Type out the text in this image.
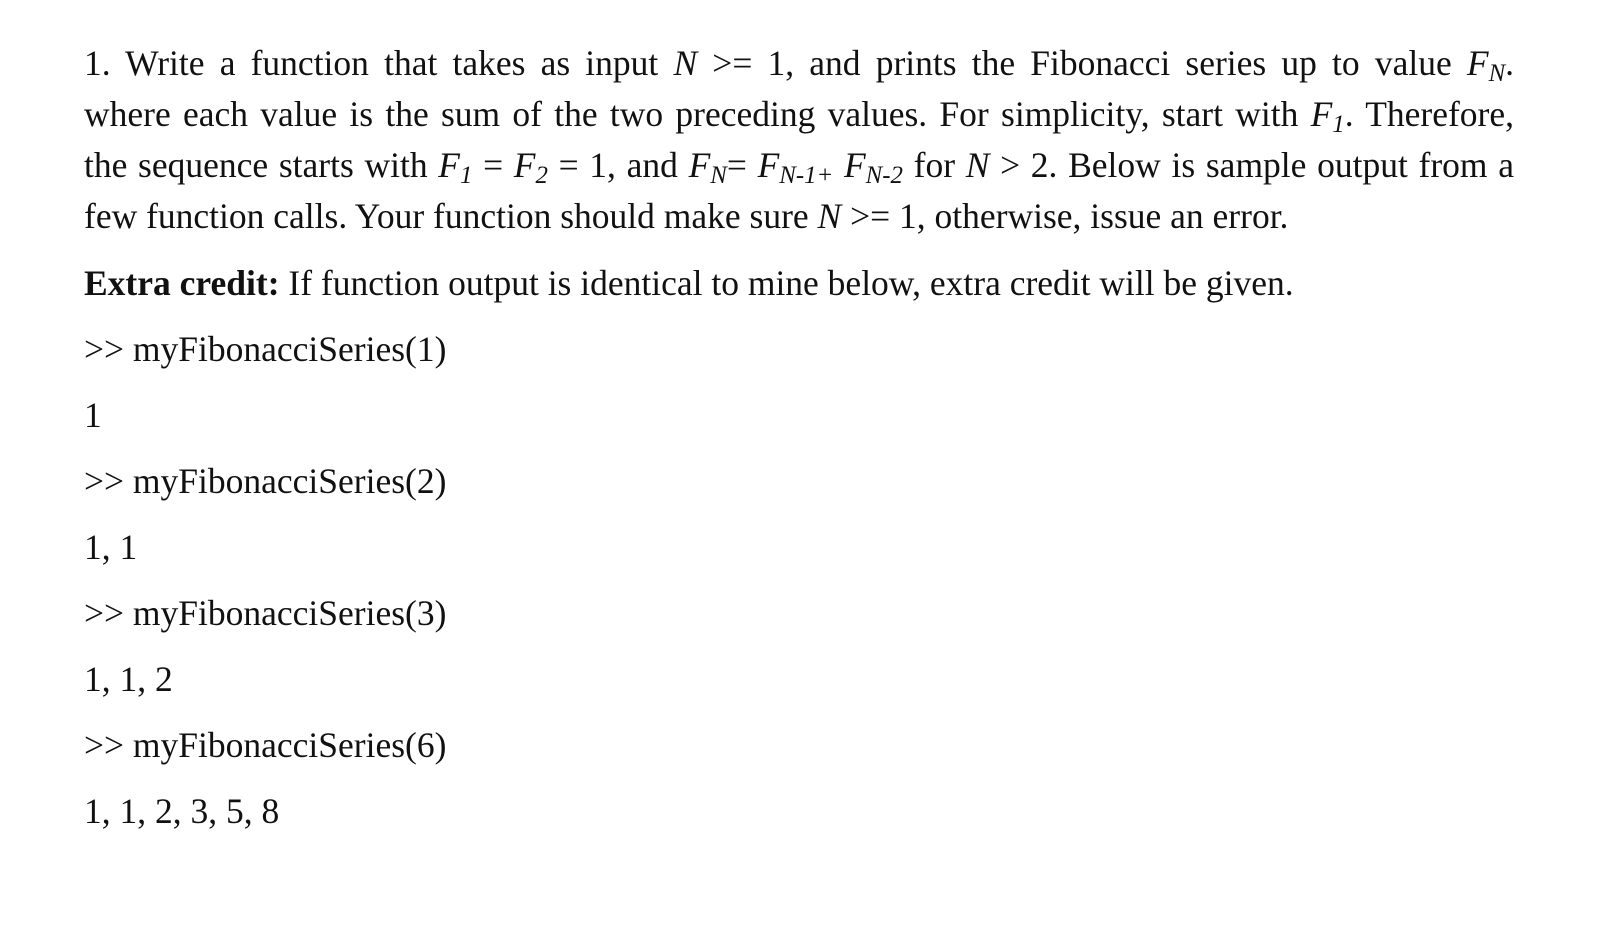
1. Write a function that takes as input N >= 1, and prints the Fibonacci series up to value FN.
where each value is the sum of the two preceding values. For simplicity, start with F1. Therefore,
the sequence starts with F1 = F2 = 1, and FN= FN-1+ FN-2 for N > 2. Below is sample output from a
few function calls. Your function should make sure N >= 1, otherwise, issue an error.

Extra credit: If function output is identical to mine below, extra credit will be given.

>> myFibonacciSeries(1)

1

>> myFibonacciSeries(2)

1, 1

>> myFibonacciSeries(3)

1, 1, 2

>> myFibonacciSeries(6)

1, 1, 2, 3, 5, 8
